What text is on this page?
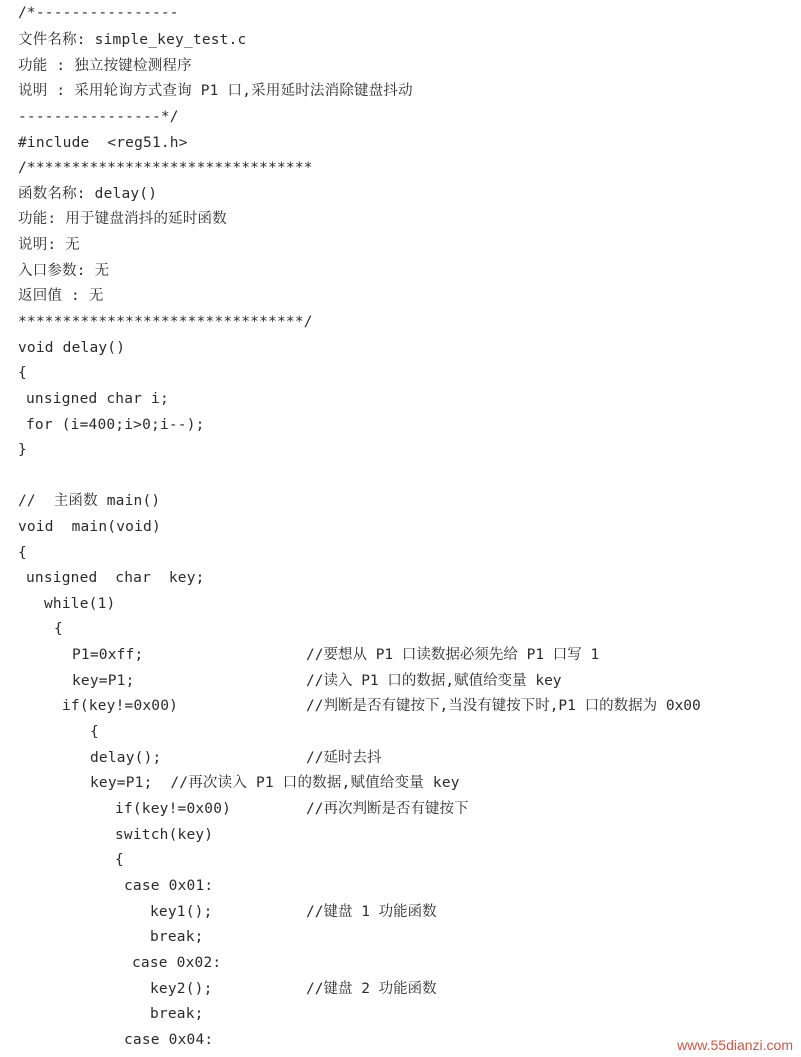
/*----------------
文件名称: simple_key_test.c
功能 : 独立按键检测程序
说明 : 采用轮询方式查询 P1 口,采用延时法消除键盘抖动
----------------*/
#include  <reg51.h>
/********************************
函数名称: delay()
功能: 用于键盘消抖的延时函数
说明: 无
入口参数: 无
返回值 : 无
********************************/
void delay()
{
unsigned char i;
for (i=400;i>0;i--);
}
//  主函数 main()
void  main(void)
{
unsigned  char  key;
while(1)
{
P1=0xff;	//要想从 P1 口读数据必须先给 P1 口写 1
key=P1;	//读入 P1 口的数据,赋值给变量 key
if(key!=0x00)	//判断是否有键按下,当没有键按下时,P1 口的数据为 0x00
{
delay();	//延时去抖
key=P1;  //再次读入 P1 口的数据,赋值给变量 key
if(key!=0x00)	//再次判断是否有键按下
switch(key)
{
case 0x01:
key1();	//键盘 1 功能函数
break;
case 0x02:
key2();	//键盘 2 功能函数
break;
case 0x04:	www.55dianzi.com
